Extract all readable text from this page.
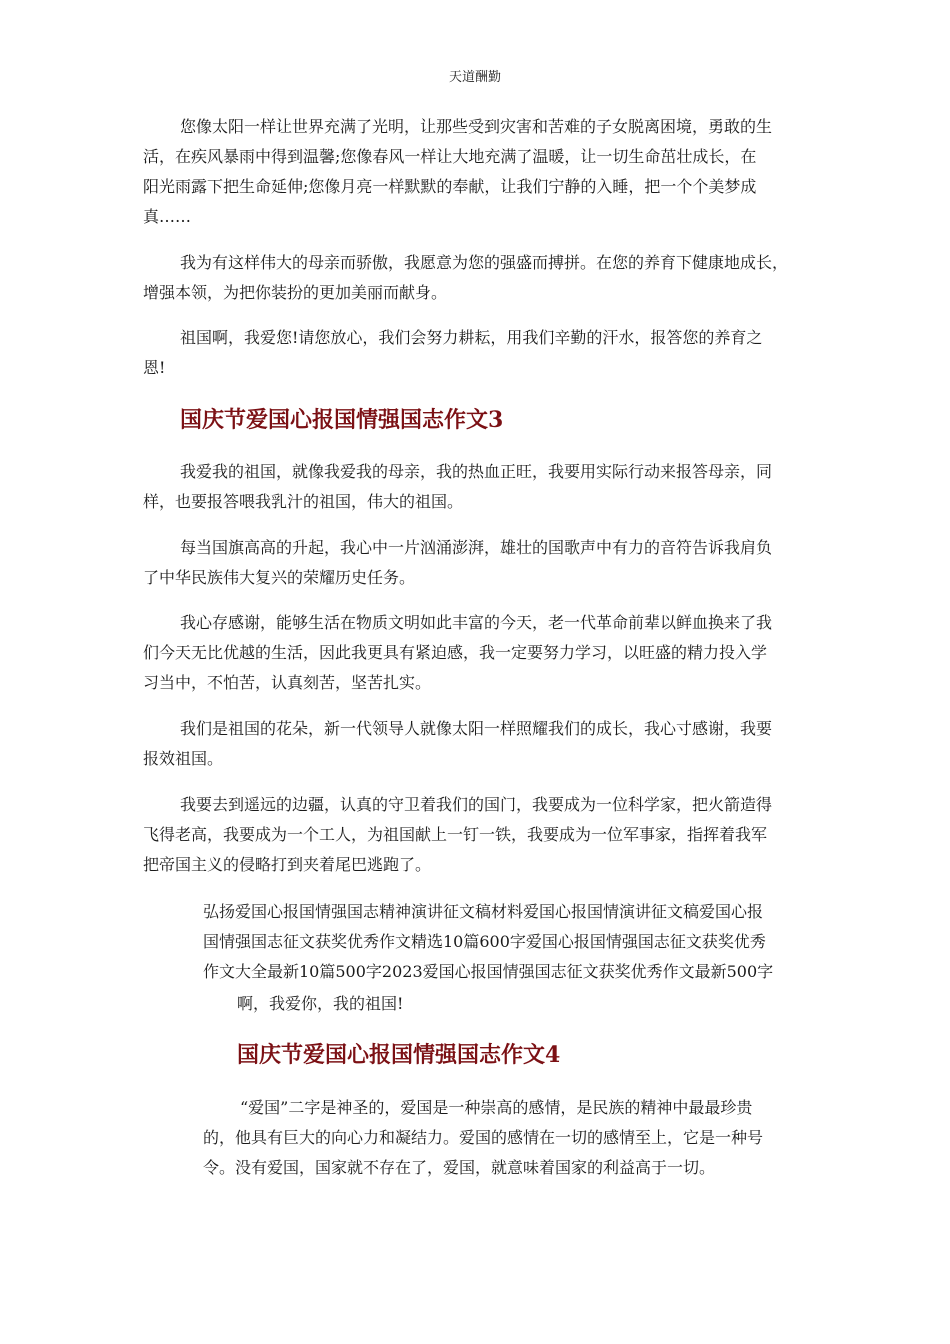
天道酬勤
您像太阳一样让世界充满了光明，让那些受到灾害和苦难的子女脱离困境，勇敢的生
活，在疾风暴雨中得到温馨;您像春风一样让大地充满了温暖，让一切生命茁壮成长，在
阳光雨露下把生命延伸;您像月亮一样默默的奉献，让我们宁静的入睡，把一个个美梦成
真……
我为有这样伟大的母亲而骄傲，我愿意为您的强盛而搏拼。在您的养育下健康地成长，
增强本领，为把你装扮的更加美丽而献身。
祖国啊，我爱您!请您放心，我们会努力耕耘，用我们辛勤的汗水，报答您的养育之
恩!
国庆节爱国心报国情强国志作文3
我爱我的祖国，就像我爱我的母亲，我的热血正旺，我要用实际行动来报答母亲，同
样，也要报答喂我乳汁的祖国，伟大的祖国。
每当国旗高高的升起，我心中一片汹涌澎湃，雄壮的国歌声中有力的音符告诉我肩负
了中华民族伟大复兴的荣耀历史任务。
我心存感谢，能够生活在物质文明如此丰富的今天，老一代革命前辈以鲜血换来了我
们今天无比优越的生活，因此我更具有紧迫感，我一定要努力学习，以旺盛的精力投入学
习当中，不怕苦，认真刻苦，坚苦扎实。
我们是祖国的花朵，新一代领导人就像太阳一样照耀我们的成长，我心寸感谢，我要
报效祖国。
我要去到遥远的边疆，认真的守卫着我们的国门，我要成为一位科学家，把火箭造得
飞得老高，我要成为一个工人，为祖国献上一钉一铁，我要成为一位军事家，指挥着我军
把帝国主义的侵略打到夹着尾巴逃跑了。
弘扬爱国心报国情强国志精神演讲征文稿材料爱国心报国情演讲征文稿爱国心报
国情强国志征文获奖优秀作文精选10篇600字爱国心报国情强国志征文获奖优秀
作文大全最新10篇500字2023爱国心报国情强国志征文获奖优秀作文最新500字
啊，我爱你，我的祖国!
国庆节爱国心报国情强国志作文4
“爱国”二字是神圣的，爱国是一种崇高的感情，是民族的精神中最最珍贵
的，他具有巨大的向心力和凝结力。爱国的感情在一切的感情至上，它是一种号
令。没有爱国，国家就不存在了，爱国，就意味着国家的利益高于一切。
